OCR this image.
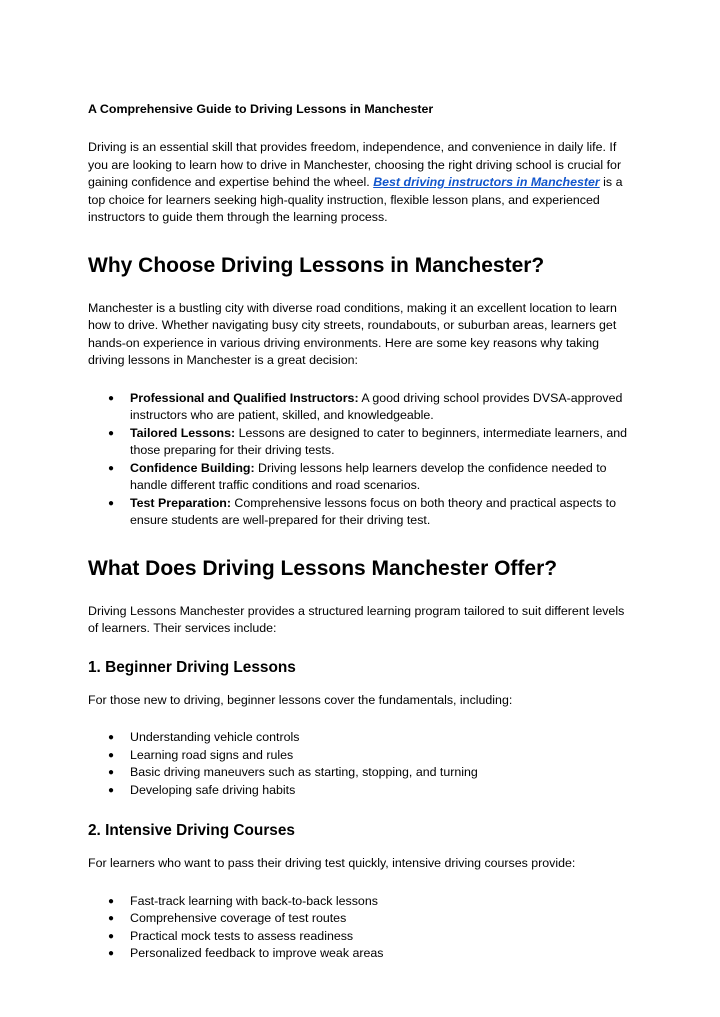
A Comprehensive Guide to Driving Lessons in Manchester

Driving is an essential skill that provides freedom, independence, and convenience in daily life. If you are looking to learn how to drive in Manchester, choosing the right driving school is crucial for gaining confidence and expertise behind the wheel. Best driving instructors in Manchester is a top choice for learners seeking high-quality instruction, flexible lesson plans, and experienced instructors to guide them through the learning process.

Why Choose Driving Lessons in Manchester?

Manchester is a bustling city with diverse road conditions, making it an excellent location to learn how to drive. Whether navigating busy city streets, roundabouts, or suburban areas, learners get hands-on experience in various driving environments. Here are some key reasons why taking driving lessons in Manchester is a great decision:

● Professional and Qualified Instructors: A good driving school provides DVSA-approved instructors who are patient, skilled, and knowledgeable.
● Tailored Lessons: Lessons are designed to cater to beginners, intermediate learners, and those preparing for their driving tests.
● Confidence Building: Driving lessons help learners develop the confidence needed to handle different traffic conditions and road scenarios.
● Test Preparation: Comprehensive lessons focus on both theory and practical aspects to ensure students are well-prepared for their driving test.
What Does Driving Lessons Manchester Offer?

Driving Lessons Manchester provides a structured learning program tailored to suit different levels of learners. Their services include:

1. Beginner Driving Lessons

For those new to driving, beginner lessons cover the fundamentals, including:

● Understanding vehicle controls
● Learning road signs and rules
● Basic driving maneuvers such as starting, stopping, and turning
● Developing safe driving habits
2. Intensive Driving Courses

For learners who want to pass their driving test quickly, intensive driving courses provide:

● Fast-track learning with back-to-back lessons
● Comprehensive coverage of test routes
● Practical mock tests to assess readiness
● Personalized feedback to improve weak areas
